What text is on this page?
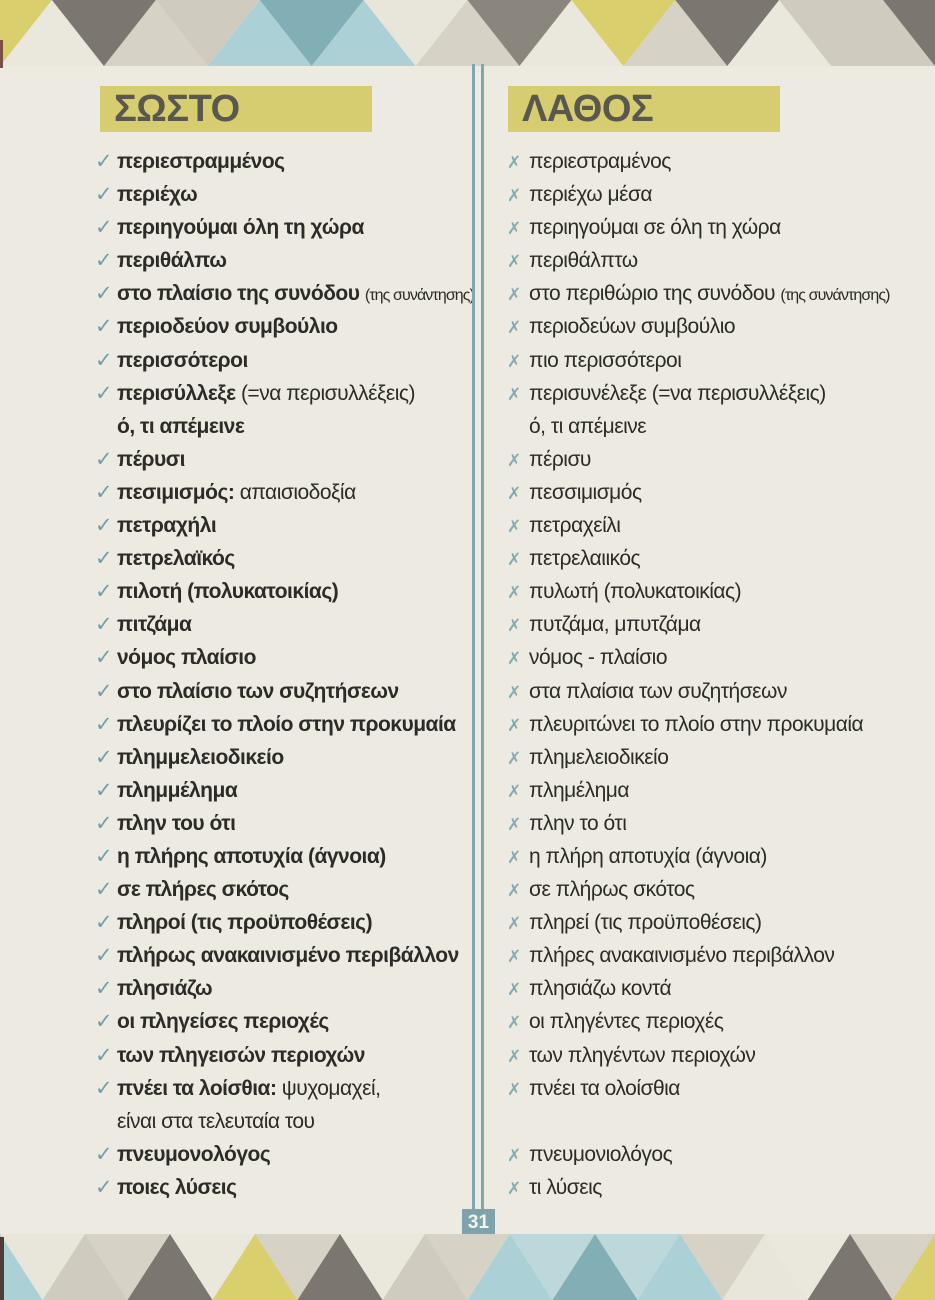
ΣΩΣΤΟ	ΛΑΘΟΣ
✓ περιεστραμμένος
✓ περιέχω
✓ περιηγούμαι όλη τη χώρα
✓ περιθάλπω
✓ στο πλαίσιο της συνόδου (της συνάντησης)
✓ περιοδεύον συμβούλιο
✓ περισσότεροι
✓ περισύλλεξε (=να περισυλλέξεις)
ό, τι απέμεινε
✓ πέρυσι
✓ πεσιμισμός: απαισιοδοξία
✓ πετραχήλι
✓ πετρελαϊκός
✓ πιλοτή (πολυκατοικίας)
✓ πιτζάμα
✓ νόμος πλαίσιο
✓ στο πλαίσιο των συζητήσεων
✓ πλευρίζει το πλοίο στην προκυμαία
✓ πλημμελειοδικείο
✓ πλημμέλημα
✓ πλην του ότι
✓ η πλήρης αποτυχία (άγνοια)
✓ σε πλήρες σκότος
✓ πληροί (τις προϋποθέσεις)
✓ πλήρως ανακαινισμένο περιβάλλον
✓ πλησιάζω
✓ οι πληγείσες περιοχές
✓ των πληγεισών περιοχών
✓ πνέει τα λοίσθια: ψυχομαχεί,
είναι στα τελευταία του
✓ πνευμονολόγος
✓ ποιες λύσεις
✗ περιεστραμένος
✗ περιέχω μέσα
✗ περιηγούμαι σε όλη τη χώρα
✗ περιθάλπτω
✗ στο περιθώριο της συνόδου (της συνάντησης)
✗ περιοδεύων συμβούλιο
✗ πιο περισσότεροι
✗ περισυνέλεξε (=να περισυλλέξεις)
ό, τι απέμεινε
✗ πέρισυ
✗ πεσσιμισμός
✗ πετραχείλι
✗ πετρελαιικός
✗ πυλωτή (πολυκατοικίας)
✗ πυτζάμα, μπυτζάμα
✗ νόμος - πλαίσιο
✗ στα πλαίσια των συζητήσεων
✗ πλευριτώνει το πλοίο στην προκυμαία
✗ πλημελειοδικείο
✗ πλημέλημα
✗ πλην το ότι
✗ η πλήρη αποτυχία (άγνοια)
✗ σε πλήρως σκότος
✗ πληρεί (τις προϋποθέσεις)
✗ πλήρες ανακαινισμένο περιβάλλον
✗ πλησιάζω κοντά
✗ οι πληγέντες περιοχές
✗ των πληγέντων περιοχών
✗ πνέει τα ολοίσθια
✗ πνευμονιολόγος
✗ τι λύσεις
31
